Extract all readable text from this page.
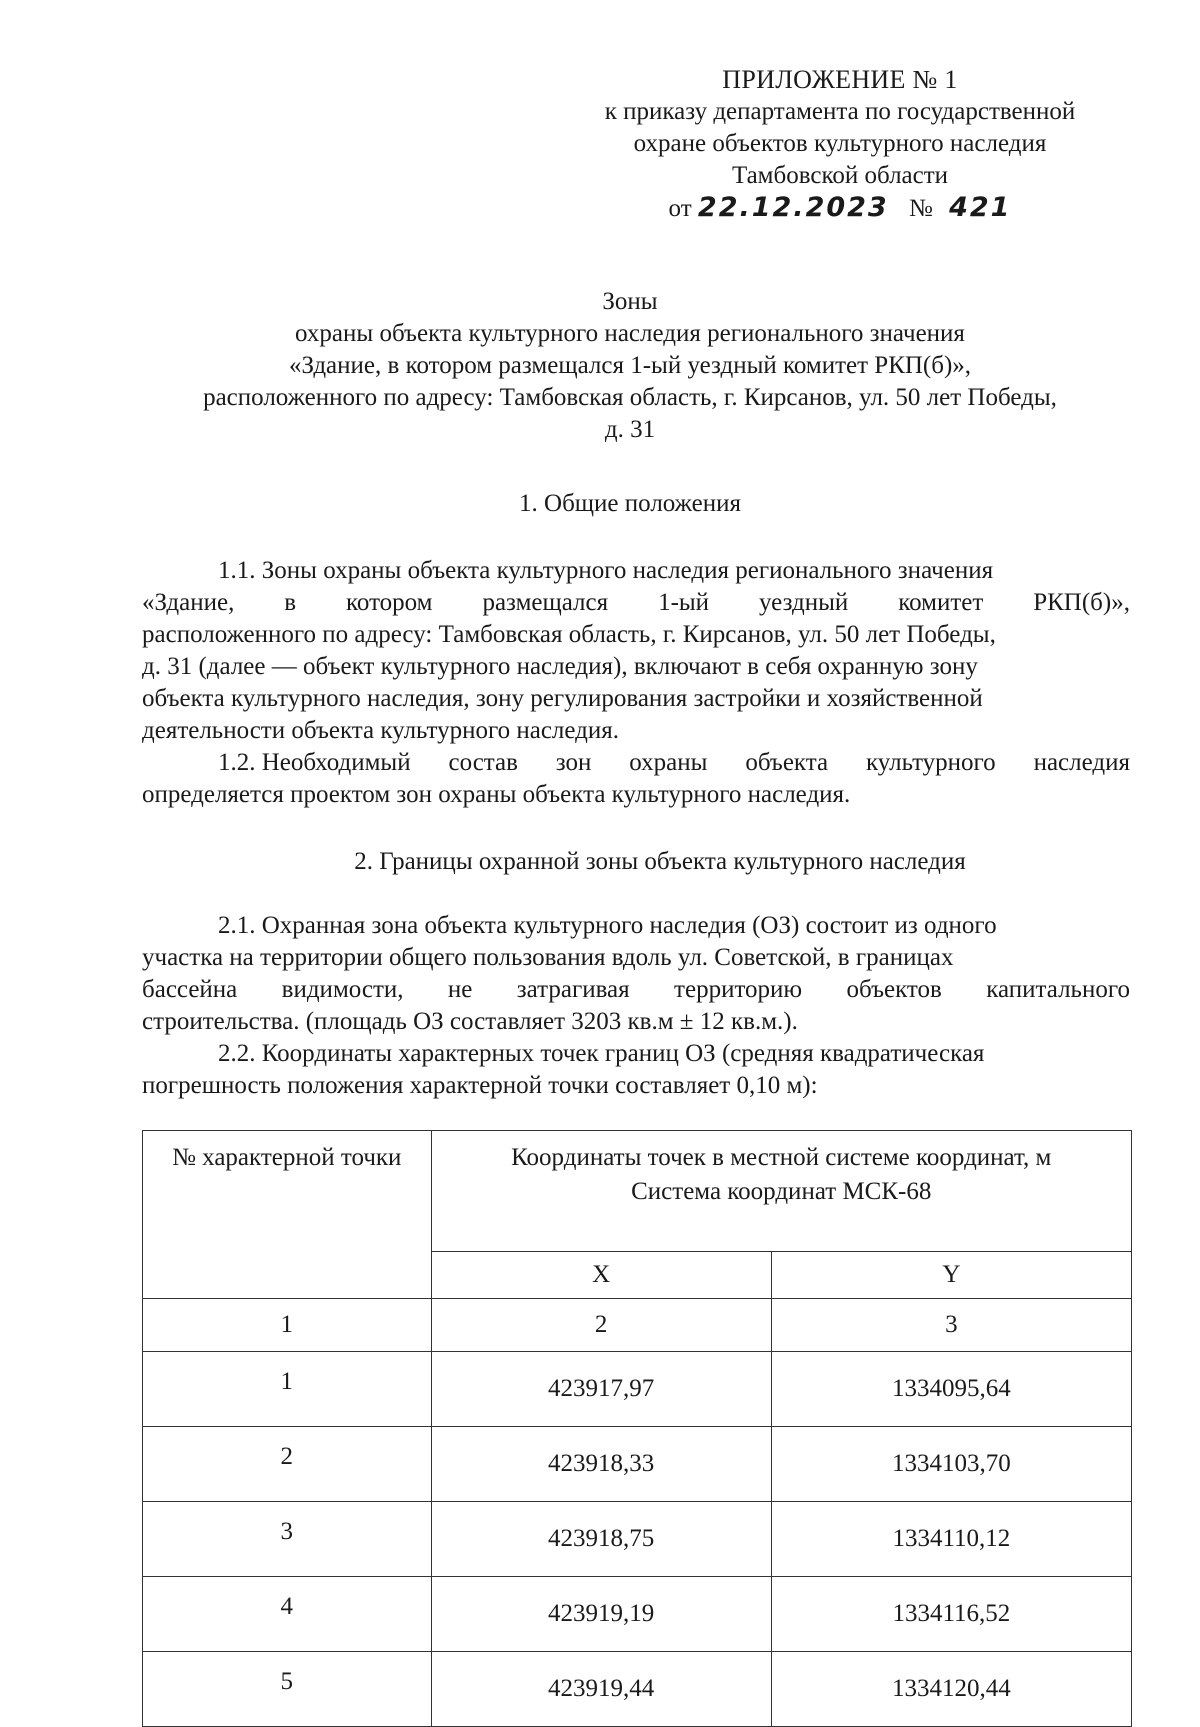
ПРИЛОЖЕНИЕ № 1
к приказу департамента по государственной
охране объектов культурного наследия
Тамбовской области
от 22.12.2023 № 421
Зоны
охраны объекта культурного наследия регионального значения
«Здание, в котором размещался 1-ый уездный комитет РКП(б)»,
расположенного по адресу: Тамбовская область, г. Кирсанов, ул. 50 лет Победы,
д. 31
1. Общие положения
1.1. Зоны охраны объекта культурного наследия регионального значения
«Здание, в котором размещался 1-ый уездный комитет РКП(б)»,
расположенного по адресу: Тамбовская область, г. Кирсанов, ул. 50 лет Победы,
д. 31 (далее — объект культурного наследия), включают в себя охранную зону
объекта культурного наследия, зону регулирования застройки и хозяйственной
деятельности объекта культурного наследия.
1.2. Необходимый состав зон охраны объекта культурного наследия
определяется проектом зон охраны объекта культурного наследия.
2. Границы охранной зоны объекта культурного наследия
2.1. Охранная зона объекта культурного наследия (ОЗ) состоит из одного
участка на территории общего пользования вдоль ул. Советской, в границах
бассейна видимости, не затрагивая территорию объектов капитального
строительства. (площадь ОЗ составляет 3203 кв.м ± 12 кв.м.).
2.2. Координаты характерных точек границ ОЗ (средняя квадратическая
погрешность положения характерной точки составляет 0,10 м):
№ характерной точки	Координаты точек в местной системе координат, м
Система координат МСК-68	

	X	Y
1	2	3
1	423917,97	1334095,64
2	423918,33	1334103,70
3	423918,75	1334110,12
4	423919,19	1334116,52
5	423919,44	1334120,44
